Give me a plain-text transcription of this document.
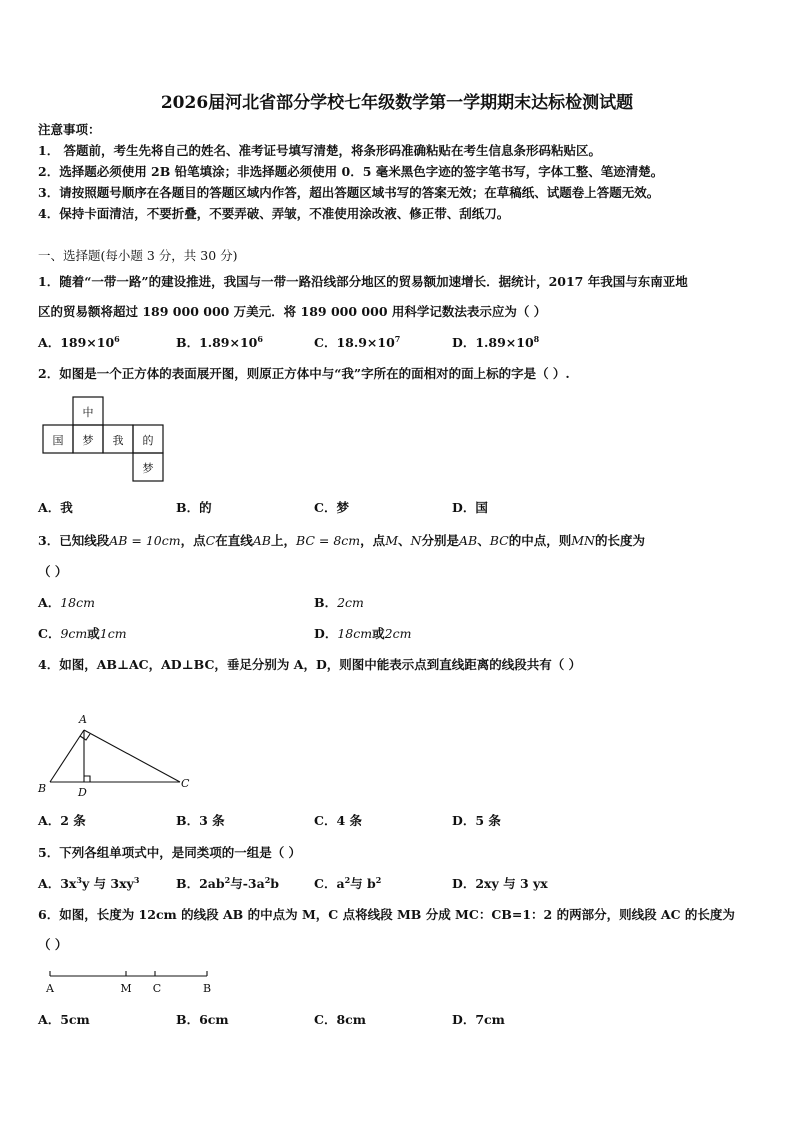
2026届河北省部分学校七年级数学第一学期期末达标检测试题
注意事项：
1． 答题前，考生先将自己的姓名、准考证号填写清楚，将条形码准确粘贴在考生信息条形码粘贴区。
2．选择题必须使用 2B 铅笔填涂；非选择题必须使用 0．5 毫米黑色字迹的签字笔书写，字体工整、笔迹清楚。
3．请按照题号顺序在各题目的答题区域内作答，超出答题区域书写的答案无效；在草稿纸、试题卷上答题无效。
4．保持卡面清洁，不要折叠，不要弄破、弄皱，不准使用涂改液、修正带、刮纸刀。
一、选择题(每小题 3 分，共 30 分)
1．随着“一带一路”的建设推进，我国与一带一路沿线部分地区的贸易额加速增长．据统计，2017 年我国与东南亚地
区的贸易额将超过 189 000 000 万美元．将 189 000 000 用科学记数法表示应为（ ）
A．$189\times 10^6$	B．$1.89\times 10^6$	C．$18.9\times 10^7$	D．$1.89\times 10^8$
2．如图是一个正方体的表面展开图，则原正方体中与“我”字所在的面相对的面上标的字是（ ）.
中
国 梦 我 的
梦
A．我	B．的	C．梦	D．国
3．已知线段AB = 10cm，点C在直线AB上，BC = 8cm，点M、N分别是AB、BC的中点，则MN的长度为
（ ）
A．18cm	B．2cm
C．9cm或1cm	D．18cm或2cm
4．如图，AB⊥AC，AD⊥BC，垂足分别为 A，D，则图中能表示点到直线距离的线段共有（ ）
A
B	C
D
A．2 条	B．3 条	C．4 条	D．5 条
5．下列各组单项式中，是同类项的一组是（ ）
A．$3x^3y$ 与 $3xy^3$	B．$2ab^2$与$-3a^2b$	C．$a^2$与 $b^2$	D．2xy 与 3 yx
6．如图，长度为 12cm 的线段 AB 的中点为 M，C 点将线段 MB 分成 MC：CB=1：2 的两部分，则线段 AC 的长度为
（ ）
A	M C	B
A．5cm	B．6cm	C．8cm	D．7cm
